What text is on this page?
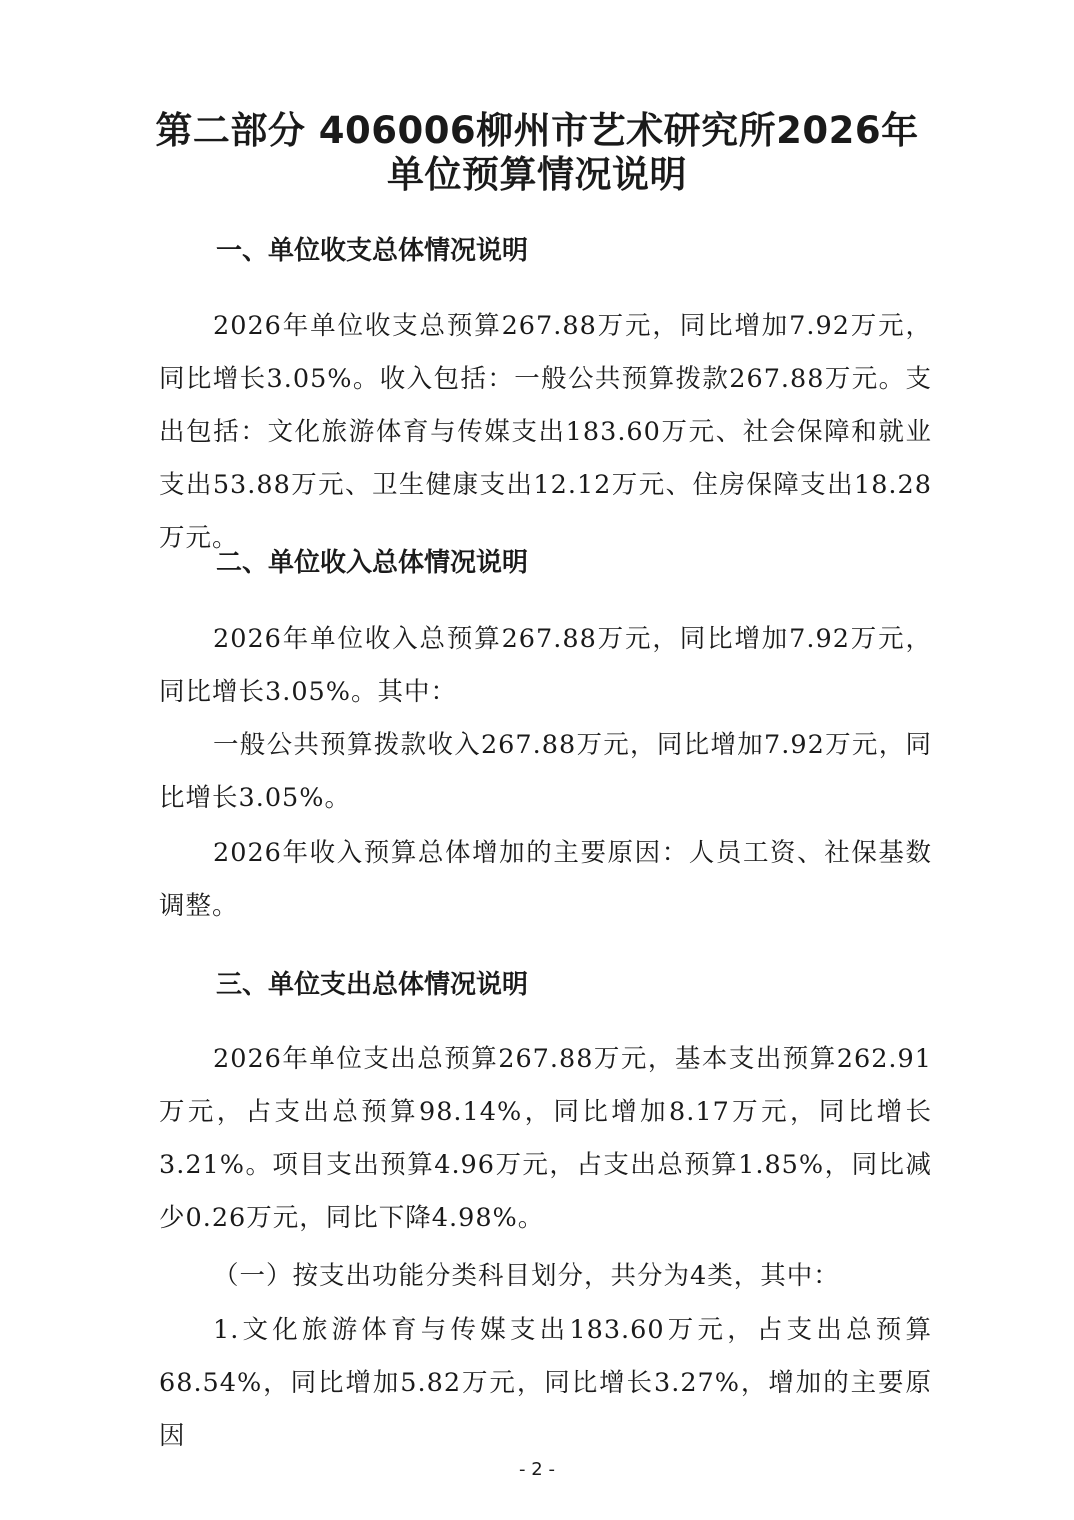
第二部分 406006柳州市艺术研究所2026年
单位预算情况说明
一、单位收支总体情况说明
2026年单位收支总预算267.88万元，同比增加7.92万元，同比增长3.05%。收入包括：一般公共预算拨款267.88万元。支出包括：文化旅游体育与传媒支出183.60万元、社会保障和就业支出53.88万元、卫生健康支出12.12万元、住房保障支出18.28万元。
二、单位收入总体情况说明
2026年单位收入总预算267.88万元，同比增加7.92万元，同比增长3.05%。其中：
一般公共预算拨款收入267.88万元，同比增加7.92万元，同比增长3.05%。
2026年收入预算总体增加的主要原因：人员工资、社保基数调整。
三、单位支出总体情况说明
2026年单位支出总预算267.88万元，基本支出预算262.91万元，占支出总预算98.14%，同比增加8.17万元，同比增长3.21%。项目支出预算4.96万元，占支出总预算1.85%，同比减少0.26万元，同比下降4.98%。
（一）按支出功能分类科目划分，共分为4类，其中：
1.文化旅游体育与传媒支出183.60万元，占支出总预算68.54%，同比增加5.82万元，同比增长3.27%，增加的主要原因
- 2 -
